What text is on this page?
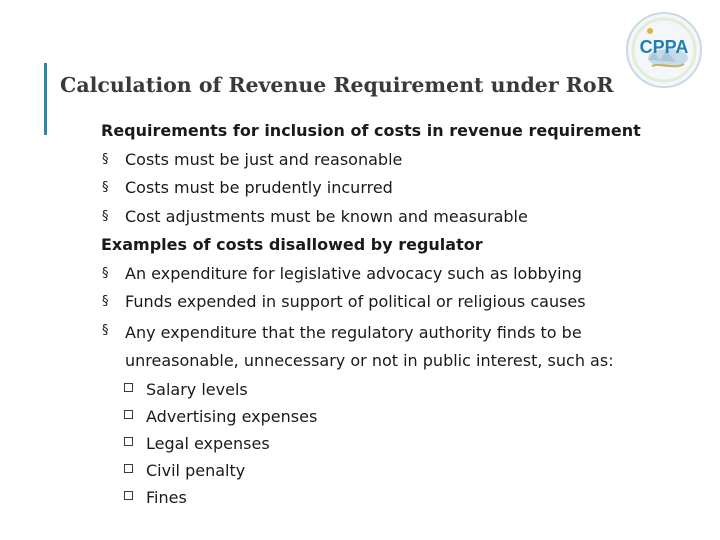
Calculation of Revenue Requirement under RoR
CPPA
Requirements for inclusion of costs in revenue requirement
§	Costs must be just and reasonable
§	Costs must be prudently incurred
§	Cost adjustments must be known and measurable
Examples of costs disallowed by regulator
§	An expenditure for legislative advocacy such as lobbying
§	Funds expended in support of political or religious causes
§	Any expenditure that the regulatory authority finds to be
unreasonable, unnecessary or not in public interest, such as:
Salary levels
Advertising expenses
Legal expenses
Civil penalty
Fines
